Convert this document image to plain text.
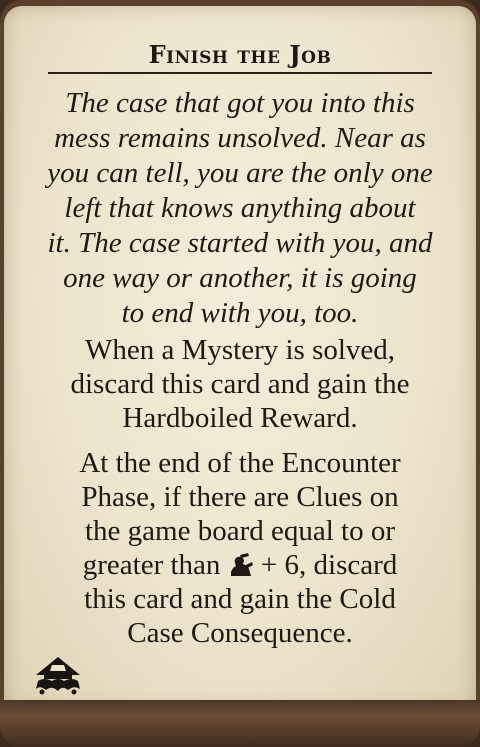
Finish the Job
The case that got you into this
mess remains unsolved. Near as
you can tell, you are the only one
left that knows anything about
it. The case started with you, and
one way or another, it is going
to end with you, too.
When a Mystery is solved,
discard this card and gain the
Hardboiled Reward.
At the end of the Encounter
Phase, if there are Clues on
the game board equal to or
greater than + 6, discard
this card and gain the Cold
Case Consequence.
